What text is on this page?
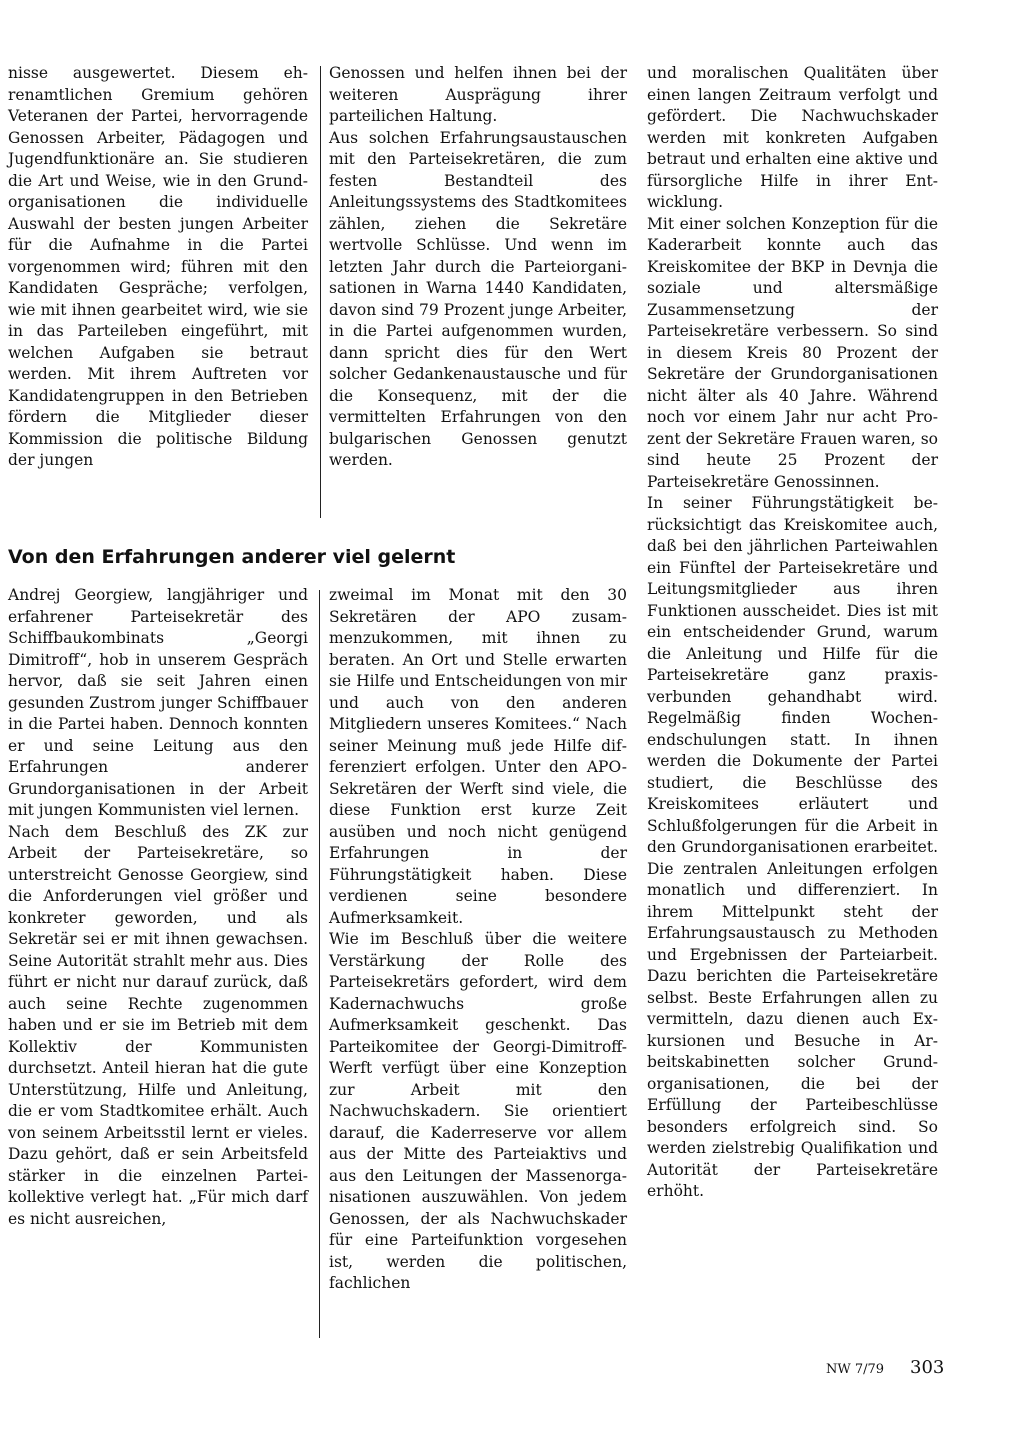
nisse ausgewertet. Diesem ehrenamtlichen Gremium gehören Veteranen der Partei, hervorragende Genossen Arbeiter, Pädagogen und Jugendfunktionäre an. Sie studieren die Art und Weise, wie in den Grundorganisationen die individuelle Auswahl der besten jungen Arbeiter für die Aufnahme in die Partei vorgenommen wird; führen mit den Kandidaten Gespräche; verfolgen, wie mit ihnen gearbeitet wird, wie sie in das Parteileben eingeführt, mit welchen Aufgaben sie betraut werden. Mit ihrem Auftreten vor Kandidatengruppen in den Betrieben fördern die Mitglieder dieser Kommission die politische Bildung der jungen

Genossen und helfen ihnen bei der weiteren Ausprägung ihrer parteilichen Haltung.

Aus solchen Erfahrungsaustauschen mit den Parteisekretären, die zum festen Bestandteil des Anleitungssystems des Stadtkomitees zählen, ziehen die Sekretäre wertvolle Schlüsse. Und wenn im letzten Jahr durch die Parteiorganisationen in Warna 1440 Kandidaten, davon sind 79 Prozent junge Arbeiter, in die Partei aufgenommen wurden, dann spricht dies für den Wert solcher Gedankenaustausche und für die Konsequenz, mit der die vermittelten Erfahrungen von den bulgarischen Genossen genutzt werden.

Von den Erfahrungen anderer viel gelernt

Andrej Georgiew, langjähriger und erfahrener Parteisekretär des Schiffbaukombinats „Georgi Dimitroff“, hob in unserem Gespräch hervor, daß sie seit Jahren einen gesunden Zustrom junger Schiffbauer in die Partei haben. Dennoch konnten er und seine Leitung aus den Erfahrungen anderer Grundorganisationen in der Arbeit mit jungen Kommunisten viel lernen.

Nach dem Beschluß des ZK zur Arbeit der Parteisekretäre, so unterstreicht Genosse Georgiew, sind die Anforderungen viel größer und konkreter geworden, und als Sekretär sei er mit ihnen gewachsen. Seine Autorität strahlt mehr aus. Dies führt er nicht nur darauf zurück, daß auch seine Rechte zugenommen haben und er sie im Betrieb mit dem Kollektiv der Kommunisten durchsetzt. Anteil hieran hat die gute Unterstützung, Hilfe und Anleitung, die er vom Stadtkomitee erhält. Auch von seinem Arbeitsstil lernt er vieles. Dazu gehört, daß er sein Arbeitsfeld stärker in die einzelnen Parteikollektive verlegt hat. „Für mich darf es nicht ausreichen,

zweimal im Monat mit den 30 Sekretären der APO zusammenzukommen, mit ihnen zu beraten. An Ort und Stelle erwarten sie Hilfe und Entscheidungen von mir und auch von den anderen Mitgliedern unseres Komitees.“ Nach seiner Meinung muß jede Hilfe differenziert erfolgen. Unter den APO-Sekretären der Werft sind viele, die diese Funktion erst kurze Zeit ausüben und noch nicht genügend Erfahrungen in der Führungstätigkeit haben. Diese verdienen seine besondere Aufmerksamkeit.

Wie im Beschluß über die weitere Verstärkung der Rolle des Parteisekretärs gefordert, wird dem Kadernachwuchs große Aufmerksamkeit geschenkt. Das Parteikomitee der Georgi-Dimitroff-Werft verfügt über eine Konzeption zur Arbeit mit den Nachwuchskadern. Sie orientiert darauf, die Kaderreserve vor allem aus der Mitte des Parteiaktivs und aus den Leitungen der Massenorganisationen auszuwählen. Von jedem Genossen, der als Nachwuchskader für eine Parteifunktion vorgesehen ist, werden die politischen, fachlichen

und moralischen Qualitäten über einen langen Zeitraum verfolgt und gefördert. Die Nachwuchskader werden mit konkreten Aufgaben betraut und erhalten eine aktive und fürsorgliche Hilfe in ihrer Entwicklung.

Mit einer solchen Konzeption für die Kaderarbeit konnte auch das Kreiskomitee der BKP in Devnja die soziale und altersmäßige Zusammensetzung der Parteisekretäre verbessern. So sind in diesem Kreis 80 Prozent der Sekretäre der Grundorganisationen nicht älter als 40 Jahre. Während noch vor einem Jahr nur acht Prozent der Sekretäre Frauen waren, so sind heute 25 Prozent der Parteisekretäre Genossinnen.

In seiner Führungstätigkeit berücksichtigt das Kreiskomitee auch, daß bei den jährlichen Parteiwahlen ein Fünftel der Parteisekretäre und Leitungsmitglieder aus ihren Funktionen ausscheidet. Dies ist mit ein entscheidender Grund, warum die Anleitung und Hilfe für die Parteisekretäre ganz praxisverbunden gehandhabt wird. Regelmäßig finden Wochenendschulungen statt. In ihnen werden die Dokumente der Partei studiert, die Beschlüsse des Kreiskomitees erläutert und Schlußfolgerungen für die Arbeit in den Grundorganisationen erarbeitet. Die zentralen Anleitungen erfolgen monatlich und differenziert. In ihrem Mittelpunkt steht der Erfahrungsaustausch zu Methoden und Ergebnissen der Parteiarbeit. Dazu berichten die Parteisekretäre selbst. Beste Erfahrungen allen zu vermitteln, dazu dienen auch Exkursionen und Besuche in Arbeitskabinetten solcher Grundorganisationen, die bei der Erfüllung der Parteibeschlüsse besonders erfolgreich sind. So werden zielstrebig Qualifikation und Autorität der Parteisekretäre erhöht.

NW 7/79 303
